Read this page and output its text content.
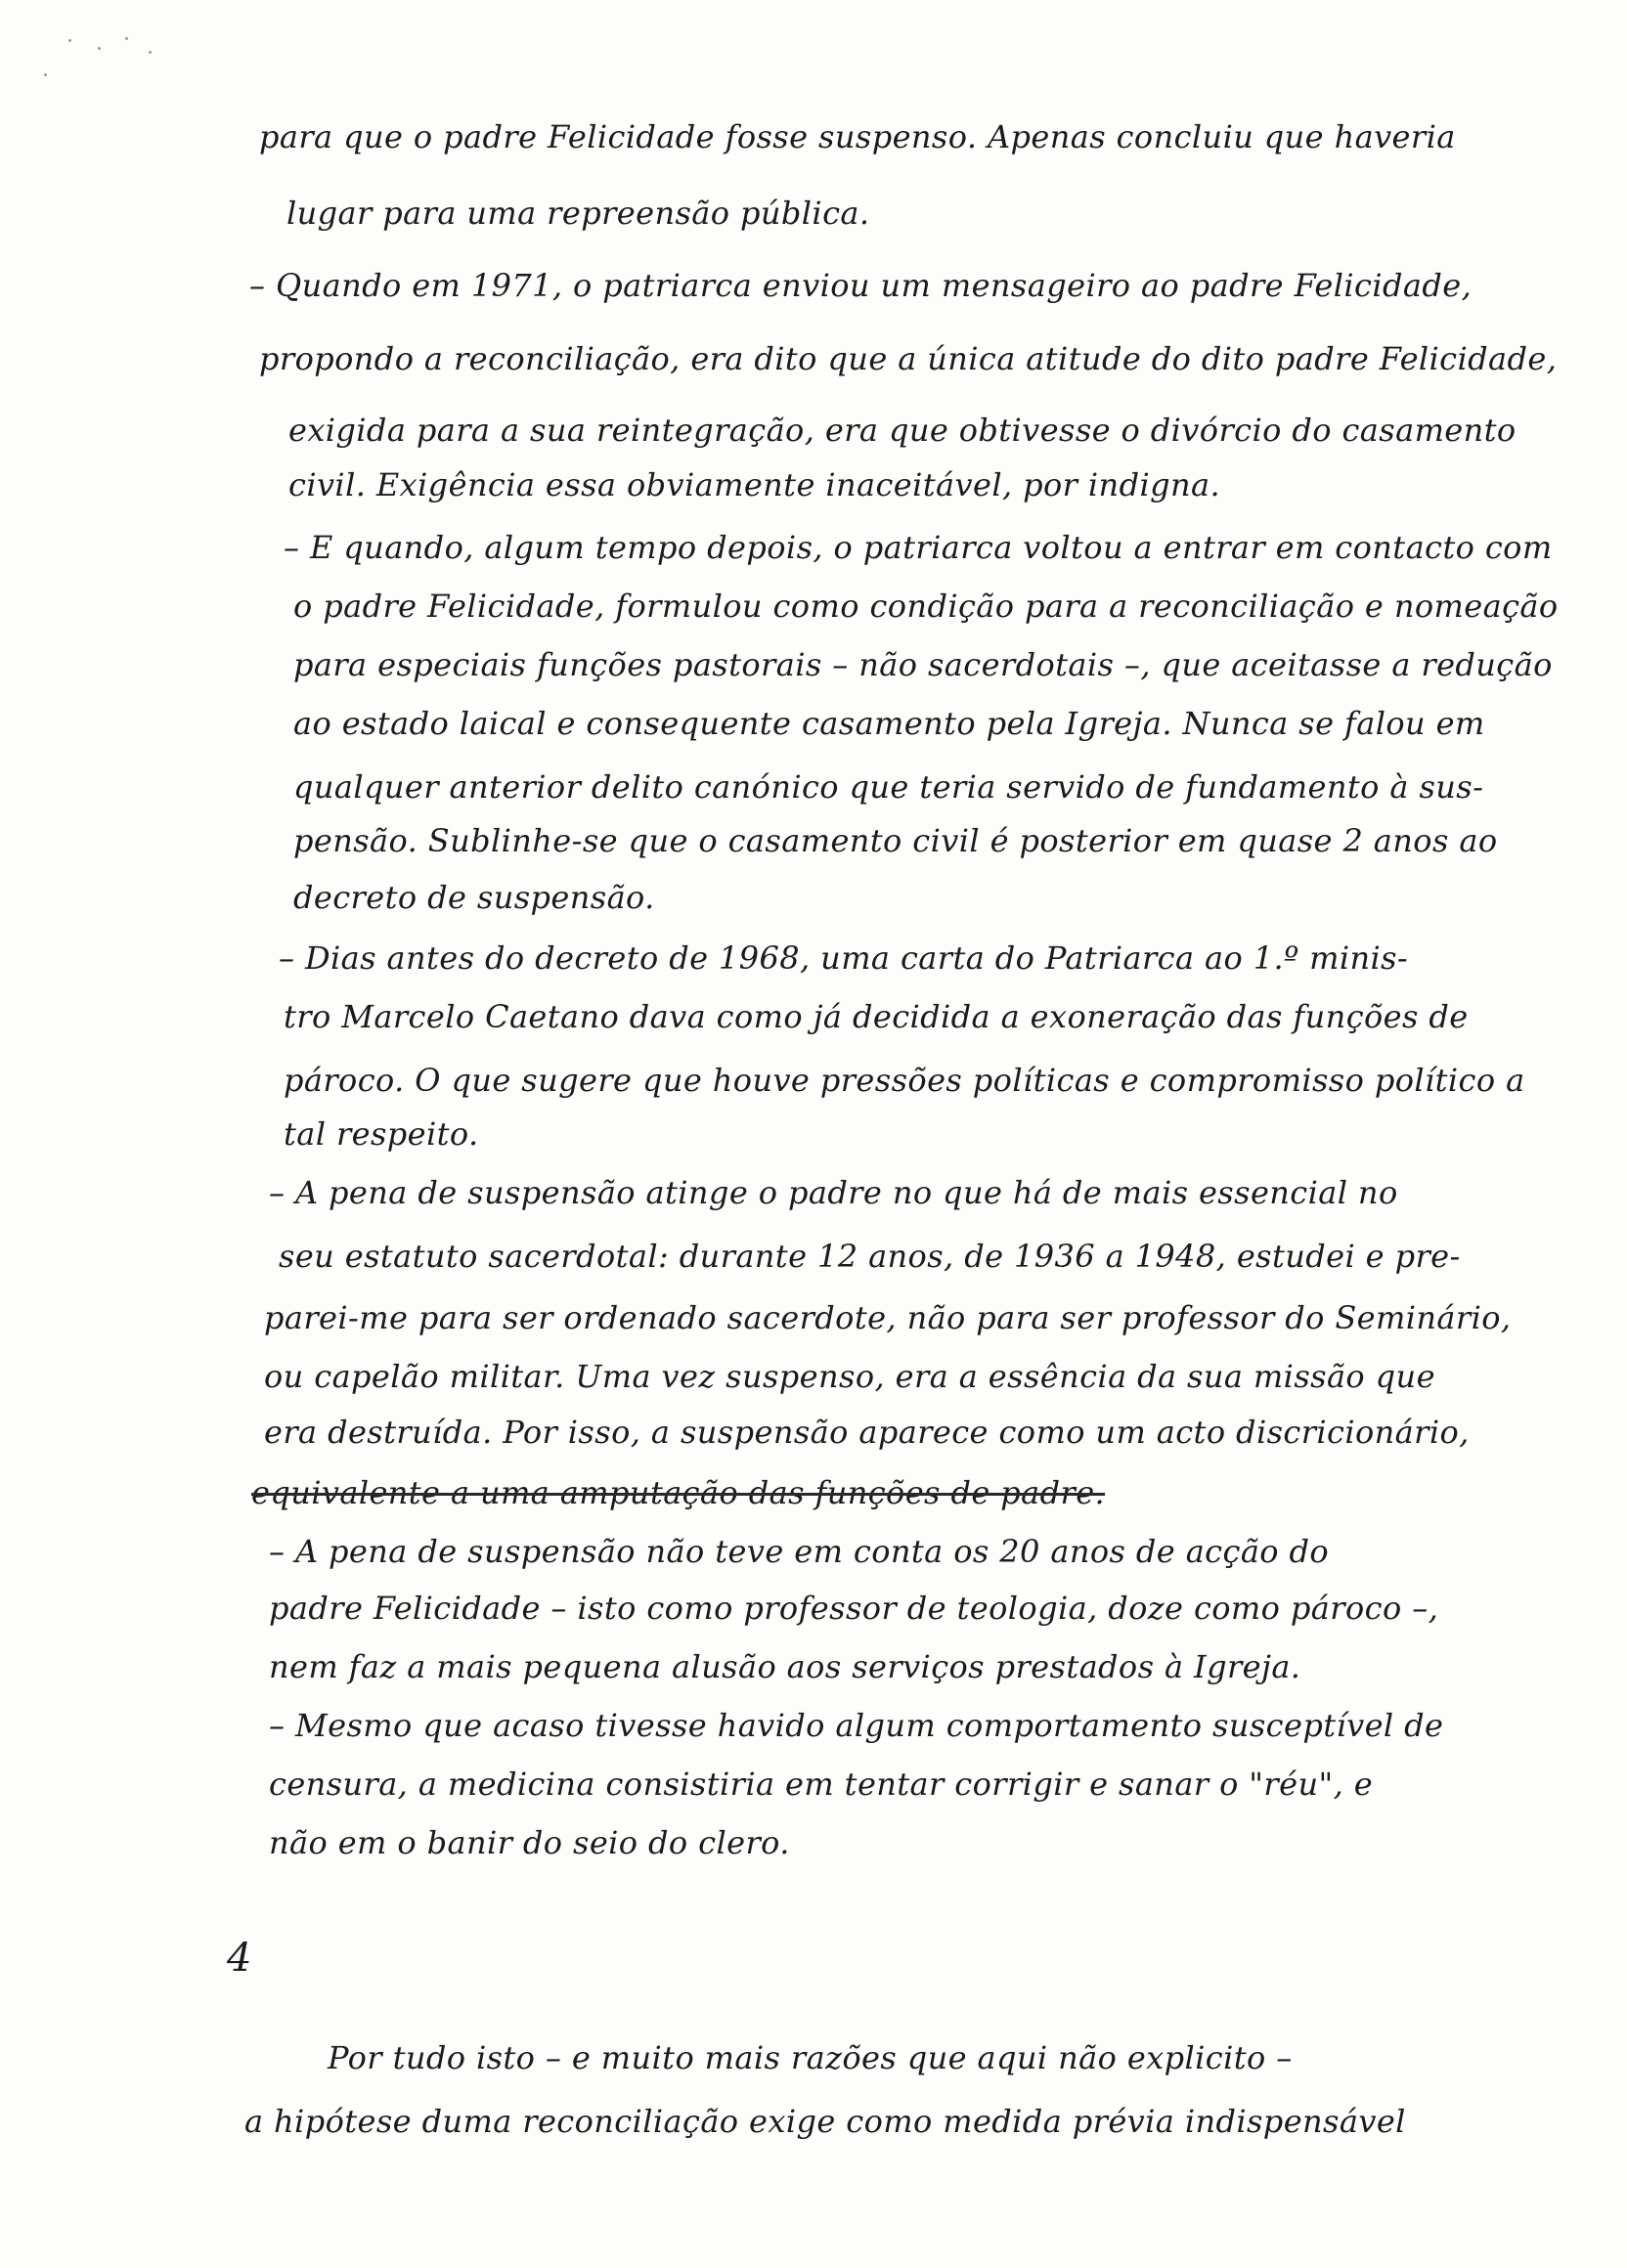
para que o padre Felicidade fosse suspenso. Apenas concluiu que haveria
lugar para uma repreensão pública.
– Quando em 1971, o patriarca enviou um mensageiro ao padre Felicidade,
propondo a reconciliação, era dito que a única atitude do dito padre Felicidade,
exigida para a sua reintegração, era que obtivesse o divórcio do casamento
civil. Exigência essa obviamente inaceitável, por indigna.
– E quando, algum tempo depois, o patriarca voltou a entrar em contacto com
o padre Felicidade, formulou como condição para a reconciliação e nomeação
para especiais funções pastorais – não sacerdotais –, que aceitasse a redução
ao estado laical e consequente casamento pela Igreja. Nunca se falou em
qualquer anterior delito canónico que teria servido de fundamento à sus-
pensão. Sublinhe-se que o casamento civil é posterior em quase 2 anos ao
decreto de suspensão.
– Dias antes do decreto de 1968, uma carta do Patriarca ao 1.º minis-
tro Marcelo Caetano dava como já decidida a exoneração das funções de
pároco. O que sugere que houve pressões políticas e compromisso político a
tal respeito.
– A pena de suspensão atinge o padre no que há de mais essencial no
seu estatuto sacerdotal: durante 12 anos, de 1936 a 1948, estudei e pre-
parei-me para ser ordenado sacerdote, não para ser professor do Seminário,
ou capelão militar. Uma vez suspenso, era a essência da sua missão que
era destruída. Por isso, a suspensão aparece como um acto discricionário,
equivalente a uma amputação das funções de padre.
– A pena de suspensão não teve em conta os 20 anos de acção do
padre Felicidade – isto como professor de teologia, doze como pároco –,
nem faz a mais pequena alusão aos serviços prestados à Igreja.
– Mesmo que acaso tivesse havido algum comportamento susceptível de
censura, a medicina consistiria em tentar corrigir e sanar o "réu", e
não em o banir do seio do clero.
Por tudo isto – e muito mais razões que aqui não explicito –
a hipótese duma reconciliação exige como medida prévia indispensável
4
